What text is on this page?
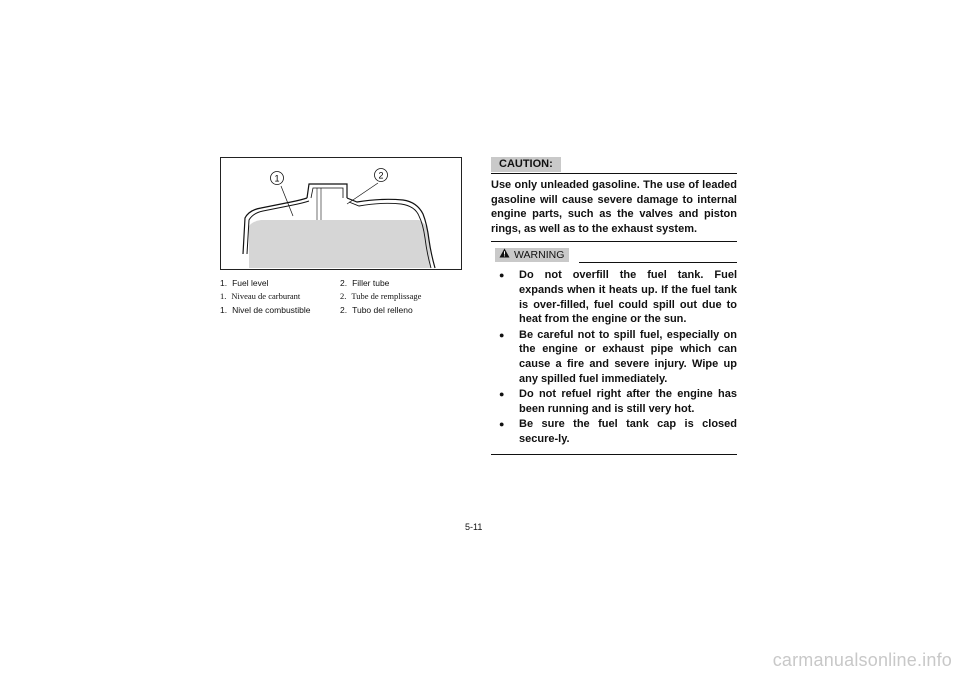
1	2
1. Fuel level	2. Filler tube
1. Niveau de carburant	2. Tube de remplissage
1. Nivel de combustible	2. Tubo del relleno
CAUTION:
Use only unleaded gasoline. The use of leaded gasoline will cause severe damage to internal engine parts, such as the valves and piston rings, as well as to the exhaust system.
WARNING
●	Do not overfill the fuel tank. Fuel expands when it heats up. If the fuel tank is over-filled, fuel could spill out due to heat from the engine or the sun.
●	Be careful not to spill fuel, especially on the engine or exhaust pipe which can cause a fire and severe injury. Wipe up any spilled fuel immediately.
●	Do not refuel right after the engine has been running and is still very hot.
●	Be sure the fuel tank cap is closed secure-ly.
5-11
carmanualsonline.info
